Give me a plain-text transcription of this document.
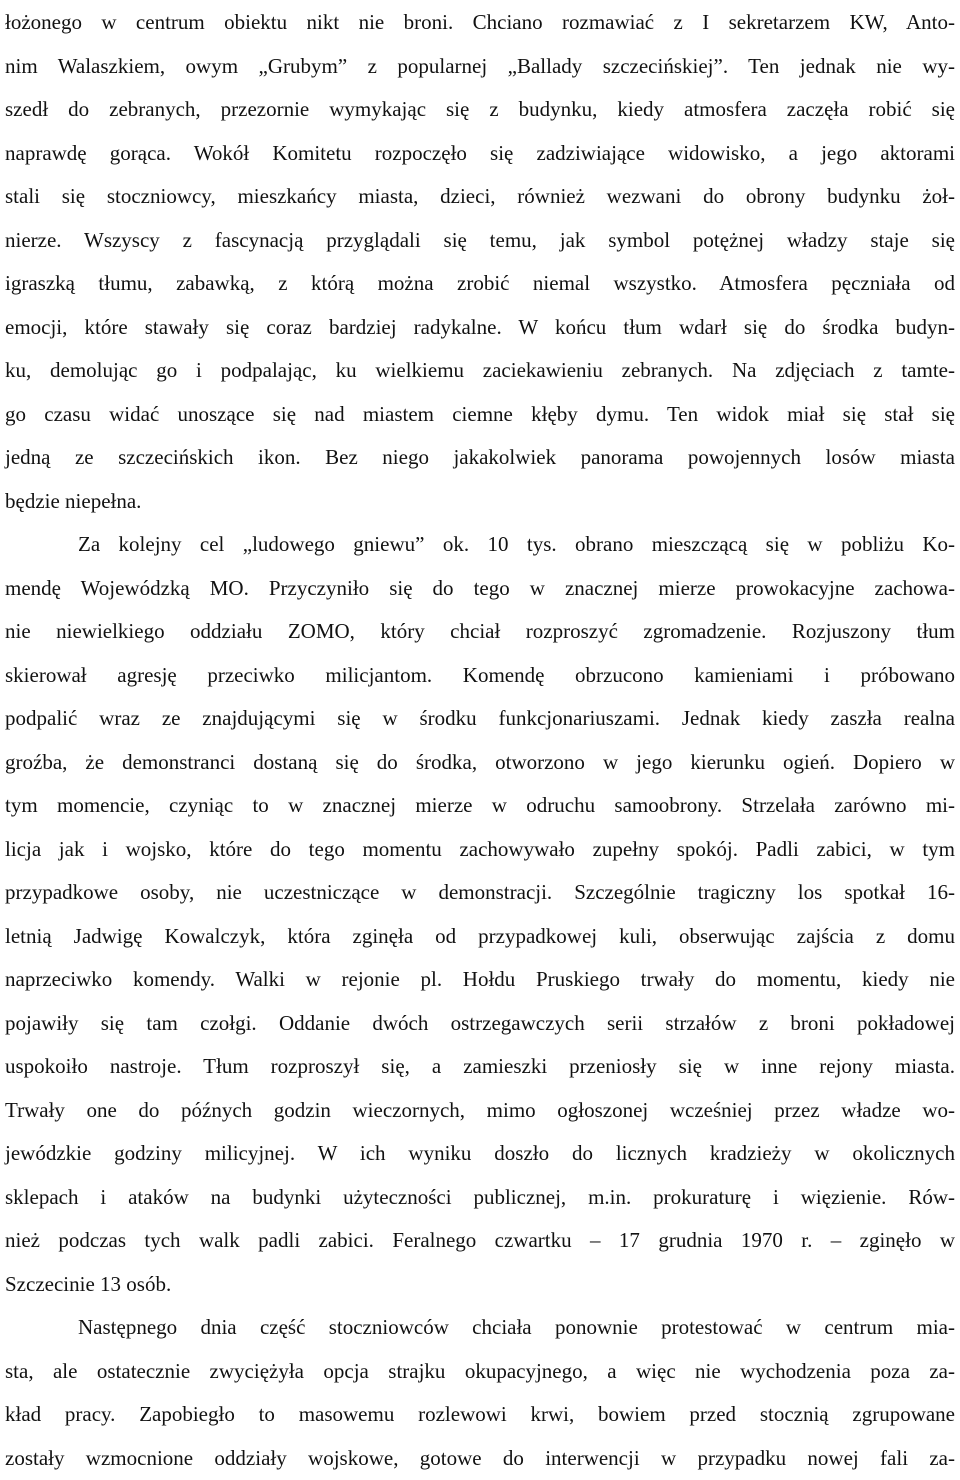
łożonego w centrum obiektu nikt nie broni. Chciano rozmawiać z I sekretarzem KW, Anto-
nim Walaszkiem, owym „Grubym” z popularnej „Ballady szczecińskiej”. Ten jednak nie wy-
szedł do zebranych, przezornie wymykając się z budynku, kiedy atmosfera zaczęła robić się
naprawdę gorąca. Wokół Komitetu rozpoczęło się zadziwiające widowisko, a jego aktorami
stali się stoczniowcy, mieszkańcy miasta, dzieci, również wezwani do obrony budynku żoł-
nierze. Wszyscy z fascynacją przyglądali się temu, jak symbol potężnej władzy staje się
igraszką tłumu, zabawką, z którą można zrobić niemal wszystko. Atmosfera pęczniała od
emocji, które stawały się coraz bardziej radykalne. W końcu tłum wdarł się do środka budyn-
ku, demolując go i podpalając, ku wielkiemu zaciekawieniu zebranych. Na zdjęciach z tamte-
go czasu widać unoszące się nad miastem ciemne kłęby dymu. Ten widok miał się stał się
jedną ze szczecińskich ikon. Bez niego jakakolwiek panorama powojennych losów miasta
będzie niepełna.
Za kolejny cel „ludowego gniewu” ok. 10 tys. obrano mieszczącą się w pobliżu Ko-
mendę Wojewódzką MO. Przyczyniło się do tego w znacznej mierze prowokacyjne zachowa-
nie niewielkiego oddziału ZOMO, który chciał rozproszyć zgromadzenie. Rozjuszony tłum
skierował agresję przeciwko milicjantom. Komendę obrzucono kamieniami i próbowano
podpalić wraz ze znajdującymi się w środku funkcjonariuszami. Jednak kiedy zaszła realna
groźba, że demonstranci dostaną się do środka, otworzono w jego kierunku ogień. Dopiero w
tym momencie, czyniąc to w znacznej mierze w odruchu samoobrony. Strzelała zarówno mi-
licja jak i wojsko, które do tego momentu zachowywało zupełny spokój. Padli zabici, w tym
przypadkowe osoby, nie uczestniczące w demonstracji. Szczególnie tragiczny los spotkał 16-
letnią Jadwigę Kowalczyk, która zginęła od przypadkowej kuli, obserwując zajścia z domu
naprzeciwko komendy. Walki w rejonie pl. Hołdu Pruskiego trwały do momentu, kiedy nie
pojawiły się tam czołgi. Oddanie dwóch ostrzegawczych serii strzałów z broni pokładowej
uspokoiło nastroje. Tłum rozproszył się, a zamieszki przeniosły się w inne rejony miasta.
Trwały one do późnych godzin wieczornych, mimo ogłoszonej wcześniej przez władze wo-
jewódzkie godziny milicyjnej. W ich wyniku doszło do licznych kradzieży w okolicznych
sklepach i ataków na budynki użyteczności publicznej, m.in. prokuraturę i więzienie. Rów-
nież podczas tych walk padli zabici. Feralnego czwartku – 17 grudnia 1970 r. – zginęło w
Szczecinie 13 osób.
Następnego dnia część stoczniowców chciała ponownie protestować w centrum mia-
sta, ale ostatecznie zwyciężyła opcja strajku okupacyjnego, a więc nie wychodzenia poza za-
kład pracy. Zapobiegło to masowemu rozlewowi krwi, bowiem przed stocznią zgrupowane
zostały wzmocnione oddziały wojskowe, gotowe do interwencji w przypadku nowej fali za-
